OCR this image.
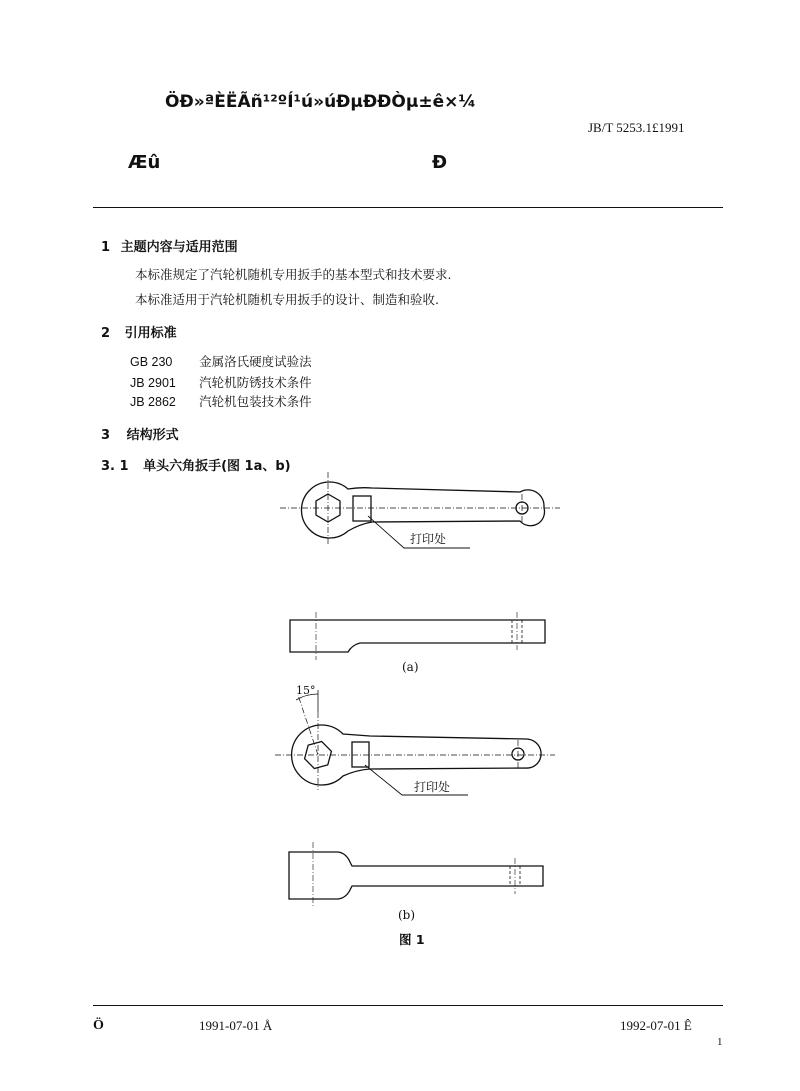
ÖÐ»ªÈËÃñ¹²ºÍ¹ú»úÐµÐÐÒµ±ê×¼
JB/T 5253.1£1991
Æû	Ð
1 主题内容与适用范围
本标准规定了汽轮机随机专用扳手的基本型式和技术要求.
本标准适用于汽轮机随机专用扳手的设计、制造和验收.
2 引用标准
GB 230 金属洛氏硬度试验法
JB 2901 汽轮机防锈技术条件
JB 2862 汽轮机包装技术条件
3 结构形式
3. 1 单头六角扳手(图 1a、b)
打印处
(a)
15°
打印处
(b)
图 1
Ö	1991-07-01 Å	1992-07-01 Ê
1
